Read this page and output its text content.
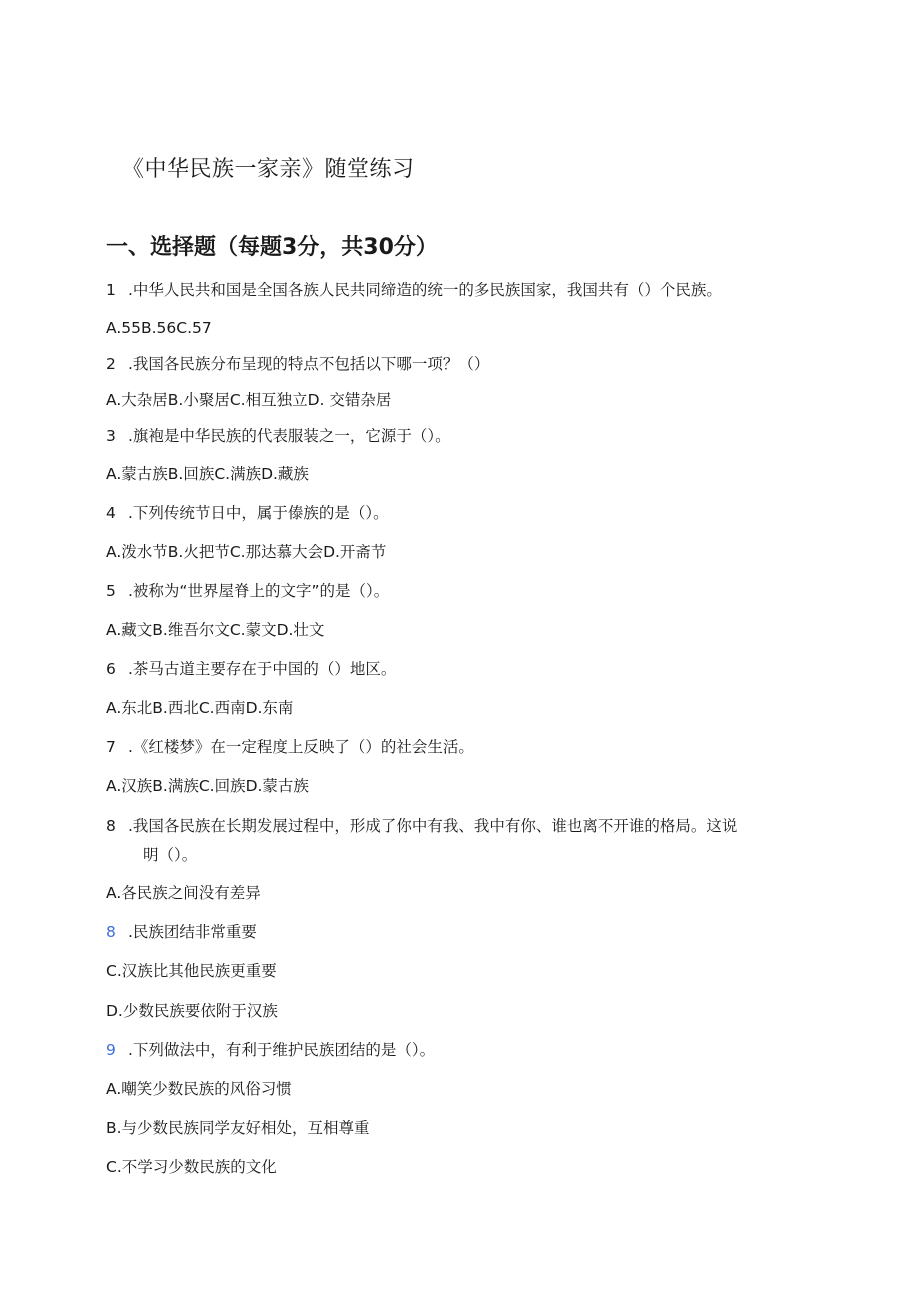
《中华民族一家亲》随堂练习
一、选择题（每题3分，共30分）
1 .中华人民共和国是全国各族人民共同缔造的统一的多民族国家，我国共有（）个民族。
A.55B.56C.57
2 .我国各民族分布呈现的特点不包括以下哪一项？（）
A.大杂居B.小聚居C.相互独立D. 交错杂居
3 .旗袍是中华民族的代表服装之一，它源于（）。
A.蒙古族B.回族C.满族D.藏族
4 .下列传统节日中，属于傣族的是（）。
A.泼水节B.火把节C.那达慕大会D.开斋节
5 .被称为“世界屋脊上的文字”的是（）。
A.藏文B.维吾尔文C.蒙文D.壮文
6 .茶马古道主要存在于中国的（）地区。
A.东北B.西北C.西南D.东南
7 .《红楼梦》在一定程度上反映了（）的社会生活。
A.汉族B.满族C.回族D.蒙古族
8 .我国各民族在长期发展过程中，形成了你中有我、我中有你、谁也离不开谁的格局。这说
明（）。
A.各民族之间没有差异
8 .民族团结非常重要
C.汉族比其他民族更重要
D.少数民族要依附于汉族
9 .下列做法中，有利于维护民族团结的是（）。
A.嘲笑少数民族的风俗习惯
B.与少数民族同学友好相处，互相尊重
C.不学习少数民族的文化
